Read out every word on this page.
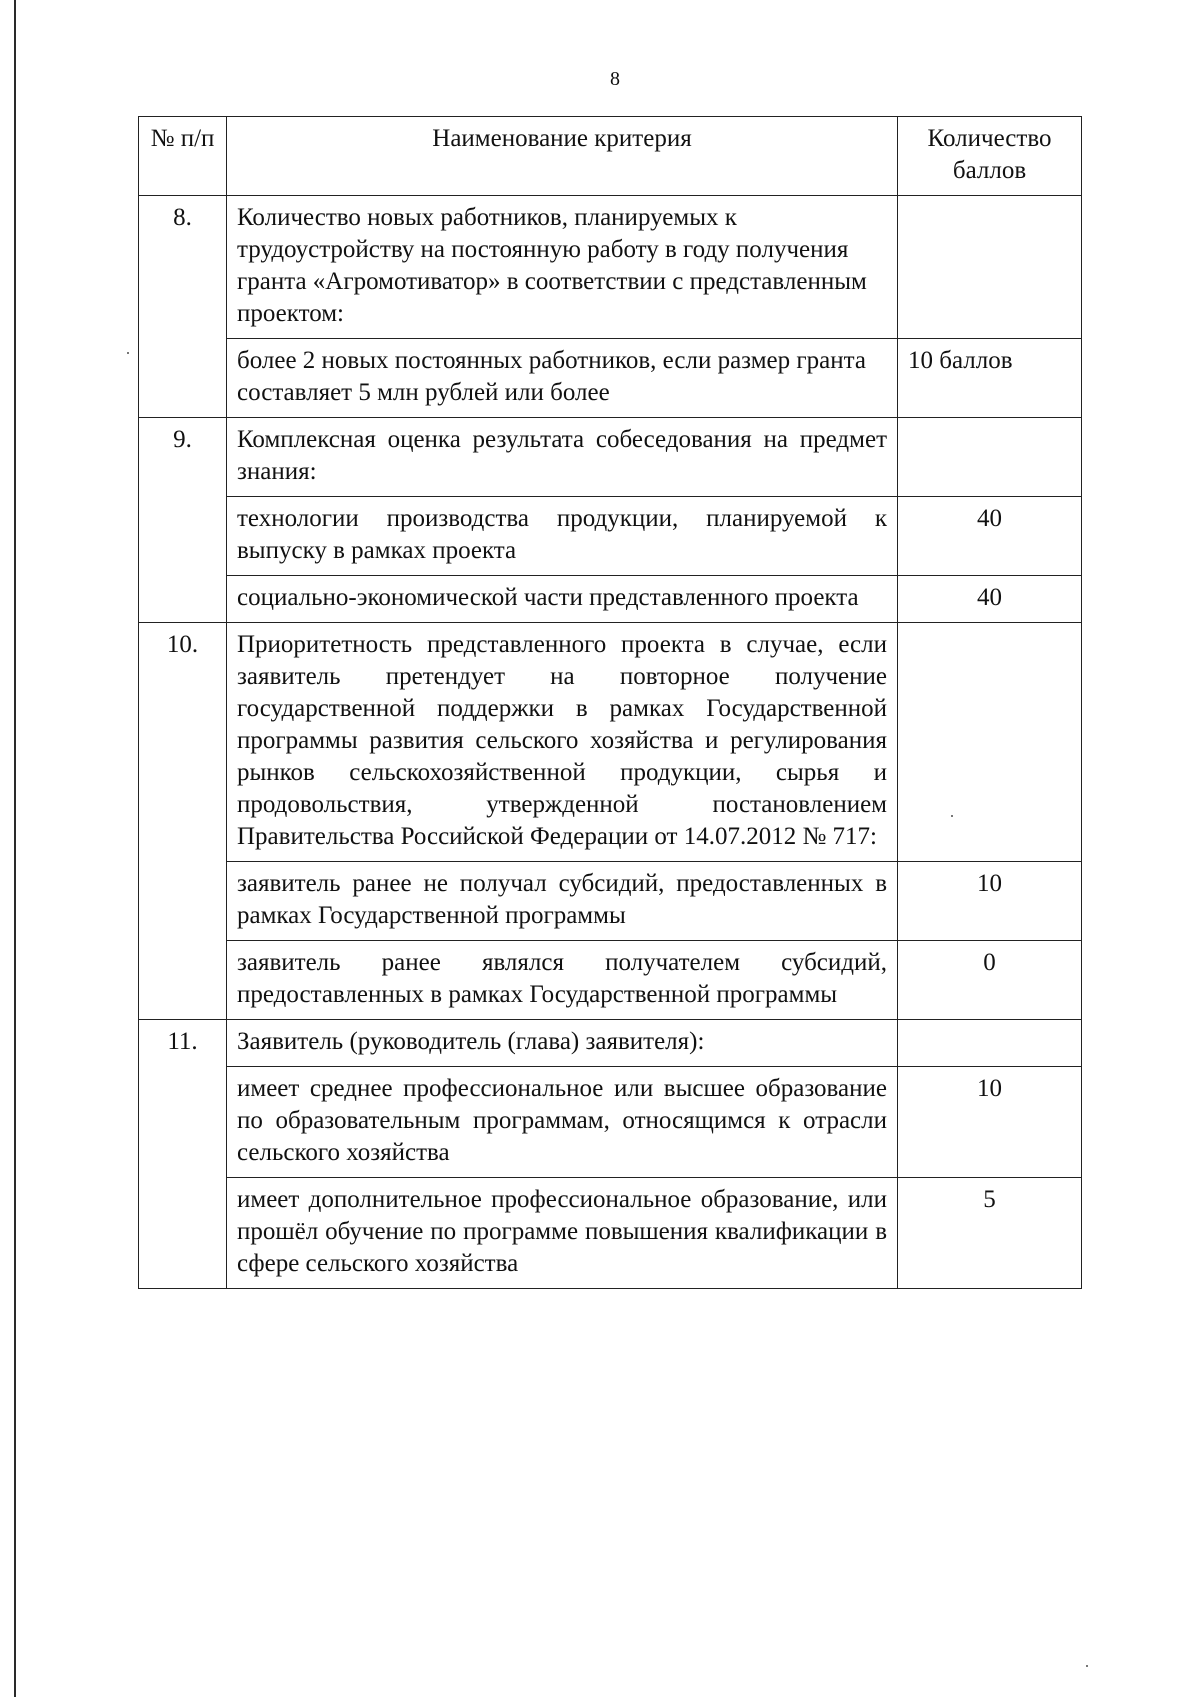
8
№ п/п	Наименование критерия	Количество баллов
8.	Количество новых работников, планируемых к трудоустройству на постоянную работу в году получения гранта «Агромотиватор» в соответствии с представленным проектом:	
	более 2 новых постоянных работников, если размер гранта составляет 5 млн рублей или более	10 баллов
9.	Комплексная оценка результата собеседования на предмет знания:	
	технологии производства продукции, планируемой к выпуску в рамках проекта	40
	социально-экономической части представленного проекта	40
10.	Приоритетность представленного проекта в случае, если заявитель претендует на повторное получение государственной поддержки в рамках Государственной программы развития сельского хозяйства и регулирования рынков сельскохозяйственной продукции, сырья и продовольствия, утвержденной постановлением Правительства Российской Федерации от 14.07.2012 № 717:	
	заявитель ранее не получал субсидий, предоставленных в рамках Государственной программы	10
	заявитель ранее являлся получателем субсидий, предоставленных в рамках Государственной программы	0
11.	Заявитель (руководитель (глава) заявителя):	
	имеет среднее профессиональное или высшее образование по образовательным программам, относящимся к отрасли сельского хозяйства	10
	имеет дополнительное профессиональное образование, или прошёл обучение по программе повышения квалификации в сфере сельского хозяйства	5
